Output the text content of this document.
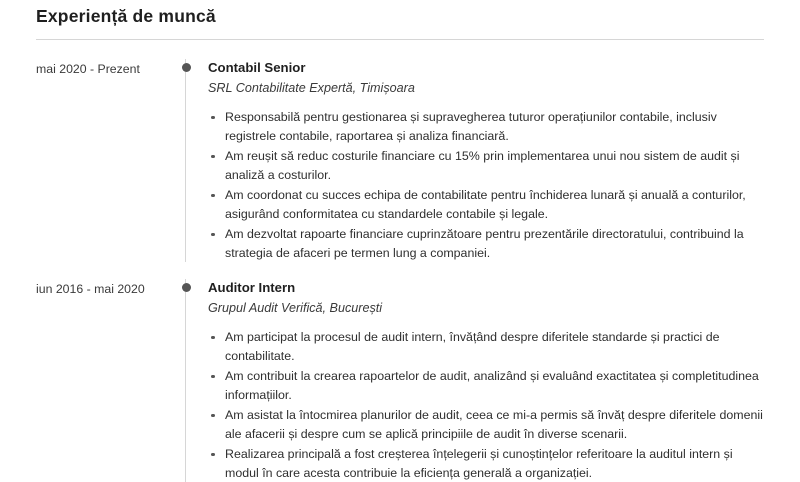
Experiență de muncă
mai 2020 - Prezent	Contabil Senior
SRL Contabilitate Expertă, Timișoara
Responsabilă pentru gestionarea și supravegherea tuturor operațiunilor contabile, inclusiv registrele contabile, raportarea și analiza financiară.
Am reușit să reduc costurile financiare cu 15% prin implementarea unui nou sistem de audit și analiză a costurilor.
Am coordonat cu succes echipa de contabilitate pentru închiderea lunară și anuală a conturilor, asigurând conformitatea cu standardele contabile și legale.
Am dezvoltat rapoarte financiare cuprinzătoare pentru prezentările directoratului, contribuind la strategia de afaceri pe termen lung a companiei.
iun 2016 - mai 2020	Auditor Intern
Grupul Audit Verifică, București
Am participat la procesul de audit intern, învățând despre diferitele standarde și practici de contabilitate.
Am contribuit la crearea rapoartelor de audit, analizând și evaluând exactitatea și completitudinea informațiilor.
Am asistat la întocmirea planurilor de audit, ceea ce mi-a permis să învăț despre diferitele domenii ale afacerii și despre cum se aplică principiile de audit în diverse scenarii.
Realizarea principală a fost creșterea înțelegerii și cunoștințelor referitoare la auditul intern și modul în care acesta contribuie la eficiența generală a organizației.
